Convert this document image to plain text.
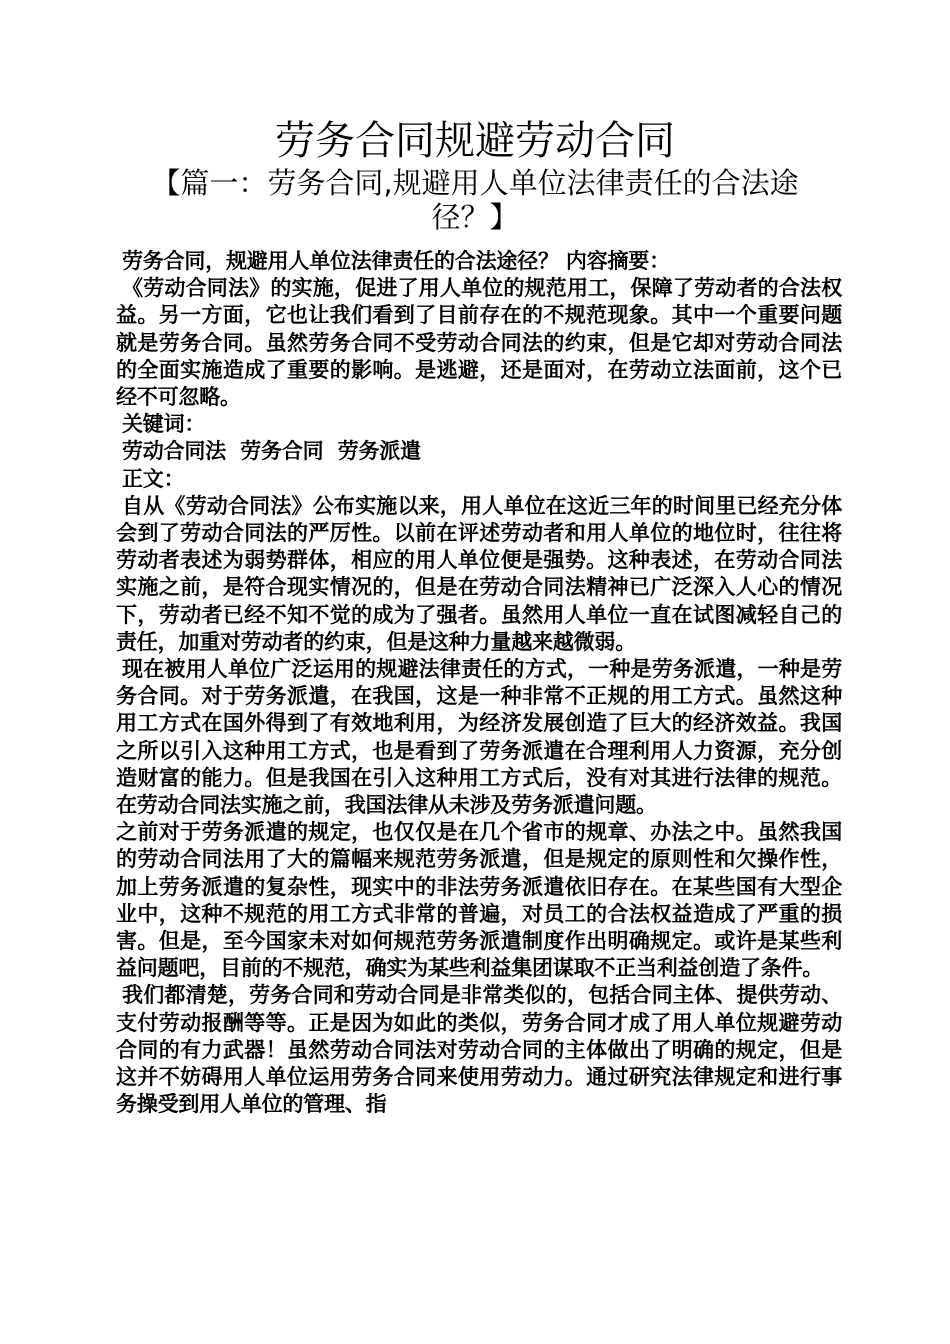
劳务合同规避劳动合同
【篇一：劳务合同,规避用人单位法律责任的合法途径？】

劳务合同，规避用人单位法律责任的合法途径？ 内容摘要：

《劳动合同法》的实施，促进了用人单位的规范用工，保障了劳动者的合法权益。另一方面，它也让我们看到了目前存在的不规范现象。其中一个重要问题就是劳务合同。虽然劳务合同不受劳动合同法的约束，但是它却对劳动合同法的全面实施造成了重要的影响。是逃避，还是面对，在劳动立法面前，这个已经不可忽略。

关键词：

劳动合同法  劳务合同  劳务派遣

正文：

自从《劳动合同法》公布实施以来，用人单位在这近三年的时间里已经充分体会到了劳动合同法的严厉性。以前在评述劳动者和用人单位的地位时，往往将劳动者表述为弱势群体，相应的用人单位便是强势。这种表述，在劳动合同法实施之前，是符合现实情况的，但是在劳动合同法精神已广泛深入人心的情况下，劳动者已经不知不觉的成为了强者。虽然用人单位一直在试图减轻自己的责任，加重对劳动者的约束，但是这种力量越来越微弱。

现在被用人单位广泛运用的规避法律责任的方式，一种是劳务派遣，一种是劳务合同。对于劳务派遣，在我国，这是一种非常不正规的用工方式。虽然这种用工方式在国外得到了有效地利用，为经济发展创造了巨大的经济效益。我国之所以引入这种用工方式，也是看到了劳务派遣在合理利用人力资源，充分创造财富的能力。但是我国在引入这种用工方式后，没有对其进行法律的规范。在劳动合同法实施之前，我国法律从未涉及劳务派遣问题。

之前对于劳务派遣的规定，也仅仅是在几个省市的规章、办法之中。虽然我国的劳动合同法用了大的篇幅来规范劳务派遣，但是规定的原则性和欠操作性，加上劳务派遣的复杂性，现实中的非法劳务派遣依旧存在。在某些国有大型企业中，这种不规范的用工方式非常的普遍，对员工的合法权益造成了严重的损害。但是，至今国家未对如何规范劳务派遣制度作出明确规定。或许是某些利益问题吧，目前的不规范，确实为某些利益集团谋取不正当利益创造了条件。

我们都清楚，劳务合同和劳动合同是非常类似的，包括合同主体、提供劳动、支付劳动报酬等等。正是因为如此的类似，劳务合同才成了用人单位规避劳动合同的有力武器！虽然劳动合同法对劳动合同的主体做出了明确的规定，但是这并不妨碍用人单位运用劳务合同来使用劳动力。通过研究法律规定和进行事务操受到用人单位的管理、指
